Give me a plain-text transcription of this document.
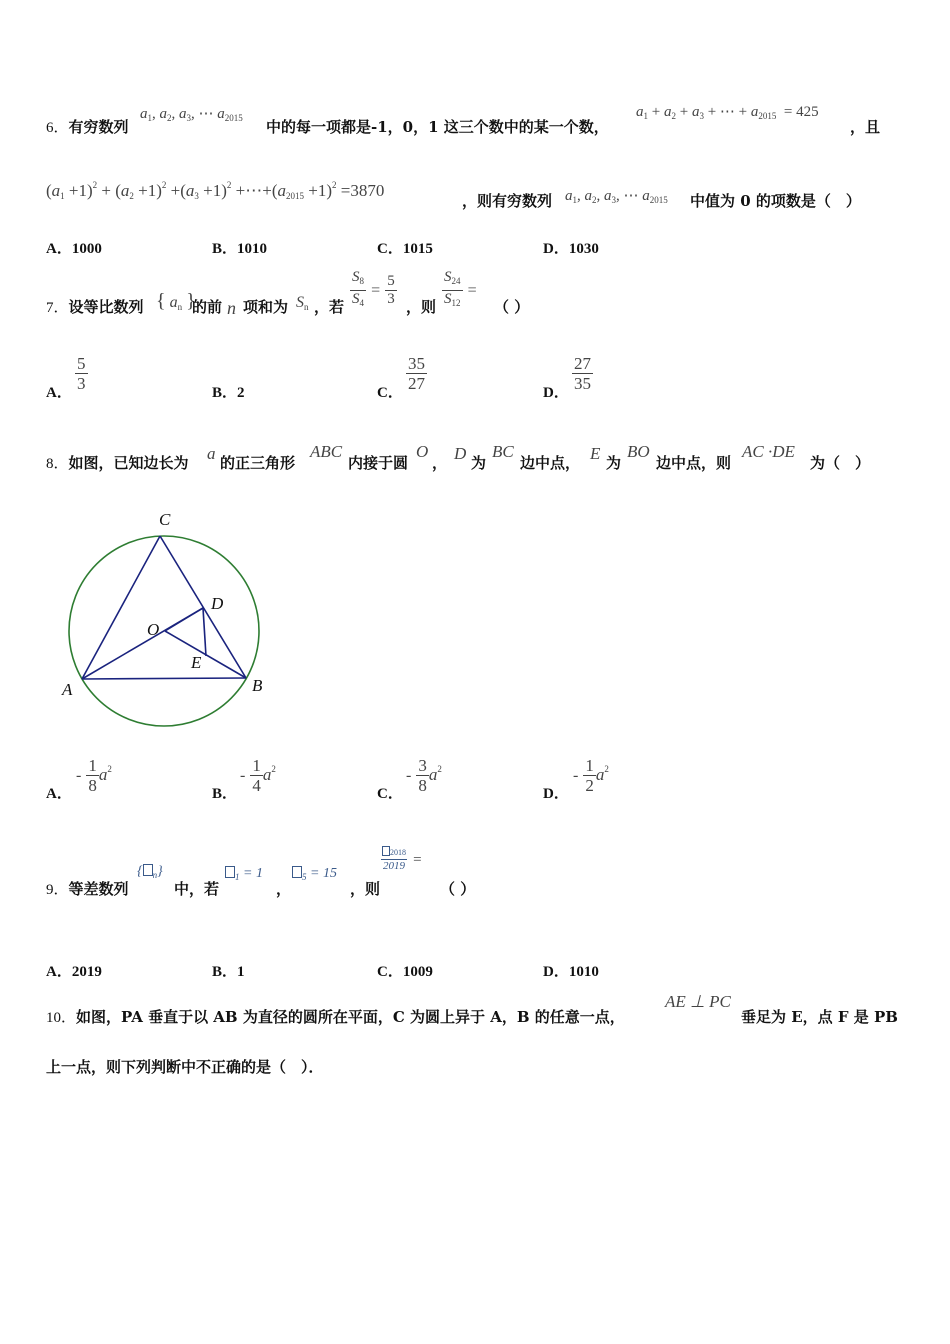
6．有穷数列
$a_1$, $a_2$, $a_3$, ⋯ $a_{2015}$ 中的每一项都是-1，0，1 这三个数中的某一个数，
$a_1 + a_2 + a_3$ + ⋯ + $a_{2015} = 425$
，且
$(a_1 +1)^2 + (a_2 +1)^2 +(a_3 +1)^2$ $+\cdots+(a_{2015} +1)^2 =3870$
，则有穷数列 $a_1$, $a_2$, $a_3$, ⋯ $a_{2015}$ 中值为 0 的项数是（　）
A．1000	B．1010	C．1015	D．1030
7．设等比数列 { $a_n$ }
的前 n 项和为 $S_n$ ，若 $\frac{S_8}{S_4} = \frac{5}{3}$ ，则 $\frac{S_{24}}{S_{12}}$ =
（ ）
A． $\frac{5}{3}$	B．2	C． $\frac{35}{27}$	D． $\frac{27}{35}$
8．如图，已知边长为 a 的正三角形
ABC
内接于圆
O
， D 为
BC
边中点， E 为
BO
边中点，则
AC ·DE
为（　）
C
D
O
E
A	B
A．
- $\frac{1}{8} a^2$
B．
- $\frac{1}{4} a^2$
C．
- $\frac{3}{8} a^2$
D．
- $\frac{1}{2} a^2$
9．等差数列
{ $_n$}
中，若
$_1$ = 1
，
$_5$ = 15
，则
$\frac{2018}{2019}$ =
（ ）
A．2019	B．1	C．1009	D．1010
10．如图，PA 垂直于以 AB 为直径的圆所在平面，C 为圆上异于 A，B 的任意一点，
AE ⊥ PC
垂足为 E，点 F 是 PB
上一点，则下列判断中不正确的是（　）．
